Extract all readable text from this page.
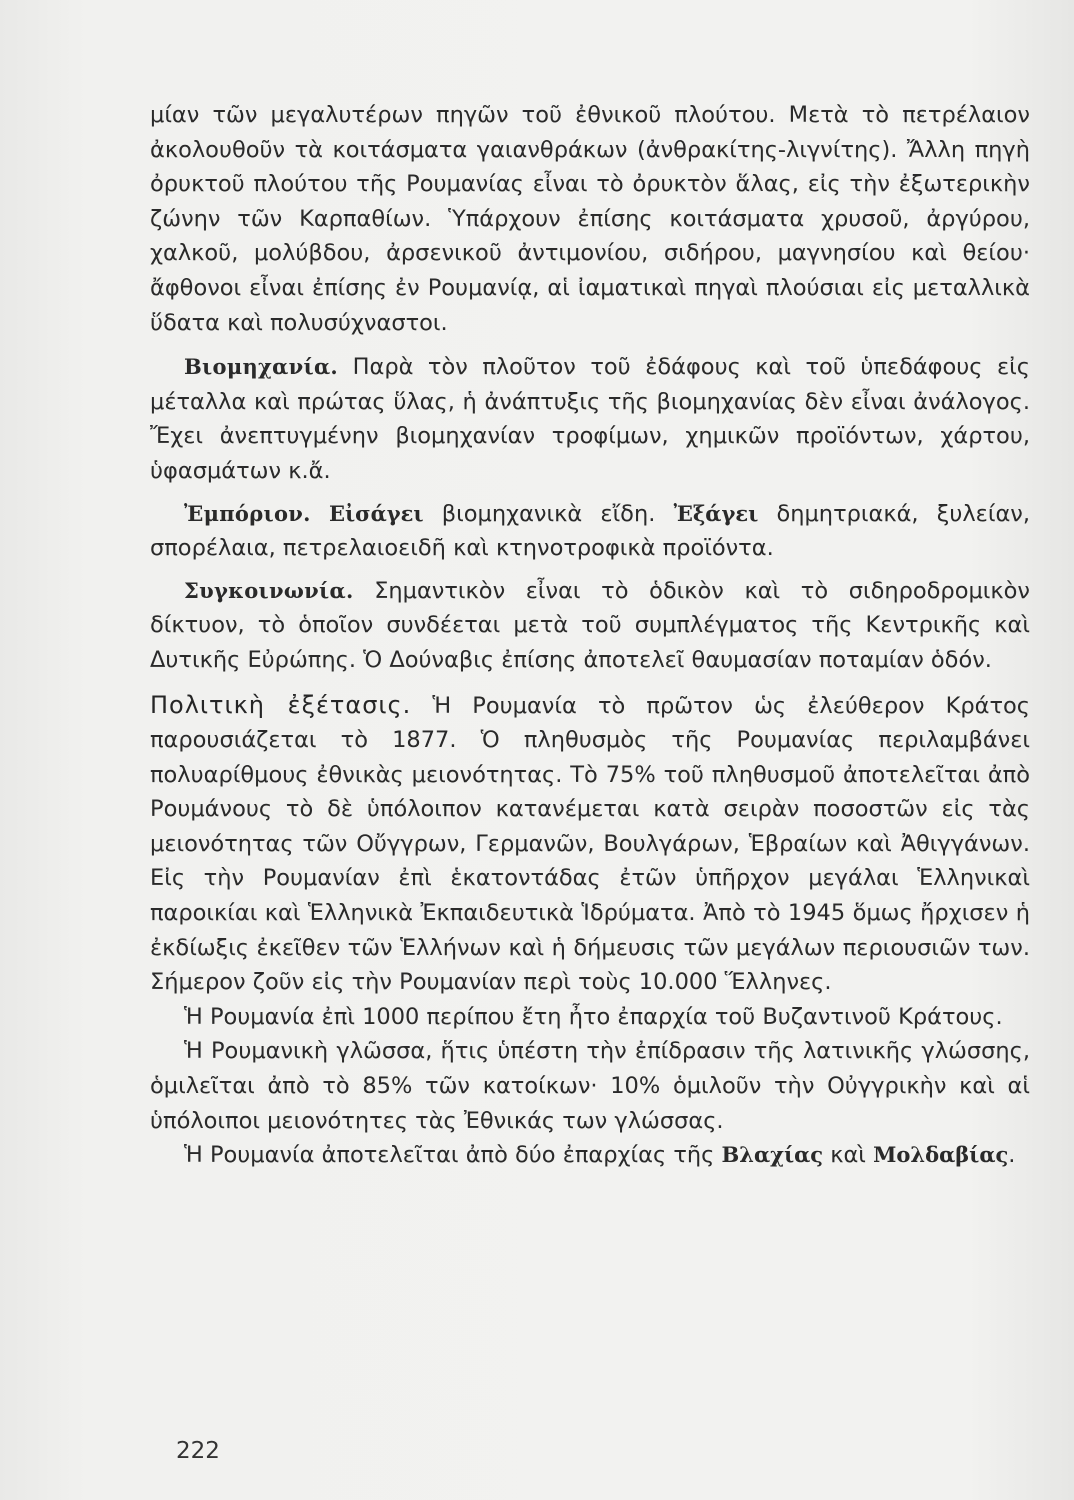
μίαν τῶν μεγαλυτέρων πηγῶν τοῦ ἐθνικοῦ πλούτου. Μετὰ τὸ πετρέλαιον ἀκολουθοῦν τὰ κοιτάσματα γαιανθράκων (ἀνθρακίτης-λιγνίτης). Ἄλλη πηγὴ ὀρυκτοῦ πλούτου τῆς Ρουμανίας εἶναι τὸ ὀρυκτὸν ἅλας, εἰς τὴν ἐξωτερικὴν ζώνην τῶν Καρπαθίων. Ὑπάρχουν ἐπίσης κοιτάσματα χρυσοῦ, ἀργύρου, χαλκοῦ, μολύβδου, ἀρσενικοῦ ἀντιμονίου, σιδήρου, μαγνησίου καὶ θείου· ἄφθονοι εἶναι ἐπίσης ἐν Ρουμανίᾳ, αἱ ἰαματικαὶ πηγαὶ πλούσιαι εἰς μεταλλικὰ ὕδατα καὶ πολυσύχναστοι.

Βιομηχανία. Παρὰ τὸν πλοῦτον τοῦ ἐδάφους καὶ τοῦ ὑπεδάφους εἰς μέταλλα καὶ πρώτας ὕλας, ἡ ἀνάπτυξις τῆς βιομηχανίας δὲν εἶναι ἀνάλογος. Ἔχει ἀνεπτυγμένην βιομηχανίαν τροφίμων, χημικῶν προϊόντων, χάρτου, ὑφασμάτων κ.ἄ.

Ἐμπόριον. Εἰσάγει βιομηχανικὰ εἴδη. Ἐξάγει δημητριακά, ξυλείαν, σπορέλαια, πετρελαιοειδῆ καὶ κτηνοτροφικὰ προϊόντα.

Συγκοινωνία. Σημαντικὸν εἶναι τὸ ὁδικὸν καὶ τὸ σιδηροδρομικὸν δίκτυον, τὸ ὁποῖον συνδέεται μετὰ τοῦ συμπλέγματος τῆς Κεντρικῆς καὶ Δυτικῆς Εὐρώπης. Ὁ Δούναβις ἐπίσης ἀποτελεῖ θαυμασίαν ποταμίαν ὁδόν.

Πολιτικὴ ἐξέτασις. Ἡ Ρουμανία τὸ πρῶτον ὡς ἐλεύθερον Κράτος παρουσιάζεται τὸ 1877. Ὁ πληθυσμὸς τῆς Ρουμανίας περιλαμβάνει πολυαρίθμους ἐθνικὰς μειονότητας. Τὸ 75% τοῦ πληθυσμοῦ ἀποτελεῖται ἀπὸ Ρουμάνους τὸ δὲ ὑπόλοιπον κατανέμεται κατὰ σειρὰν ποσοστῶν εἰς τὰς μειονότητας τῶν Οὔγγρων, Γερμανῶν, Βουλγάρων, Ἑβραίων καὶ Ἀθιγγάνων. Εἰς τὴν Ρουμανίαν ἐπὶ ἑκατοντάδας ἐτῶν ὑπῆρχον μεγάλαι Ἑλληνικαὶ παροικίαι καὶ Ἑλληνικὰ Ἐκπαιδευτικὰ Ἱδρύματα. Ἀπὸ τὸ 1945 ὅμως ἤρχισεν ἡ ἐκδίωξις ἐκεῖθεν τῶν Ἑλλήνων καὶ ἡ δήμευσις τῶν μεγάλων περιουσιῶν των. Σήμερον ζοῦν εἰς τὴν Ρουμανίαν περὶ τοὺς 10.000 Ἕλληνες.

Ἡ Ρουμανία ἐπὶ 1000 περίπου ἔτη ἦτο ἐπαρχία τοῦ Βυζαντινοῦ Κράτους.

Ἡ Ρουμανικὴ γλῶσσα, ἥτις ὑπέστη τὴν ἐπίδρασιν τῆς λατινικῆς γλώσσης, ὁμιλεῖται ἀπὸ τὸ 85% τῶν κατοίκων· 10% ὁμιλοῦν τὴν Οὐγγρικὴν καὶ αἱ ὑπόλοιποι μειονότητες τὰς Ἐθνικάς των γλώσσας.

Ἡ Ρουμανία ἀποτελεῖται ἀπὸ δύο ἐπαρχίας τῆς Βλαχίας καὶ Μολδαβίας.

222
